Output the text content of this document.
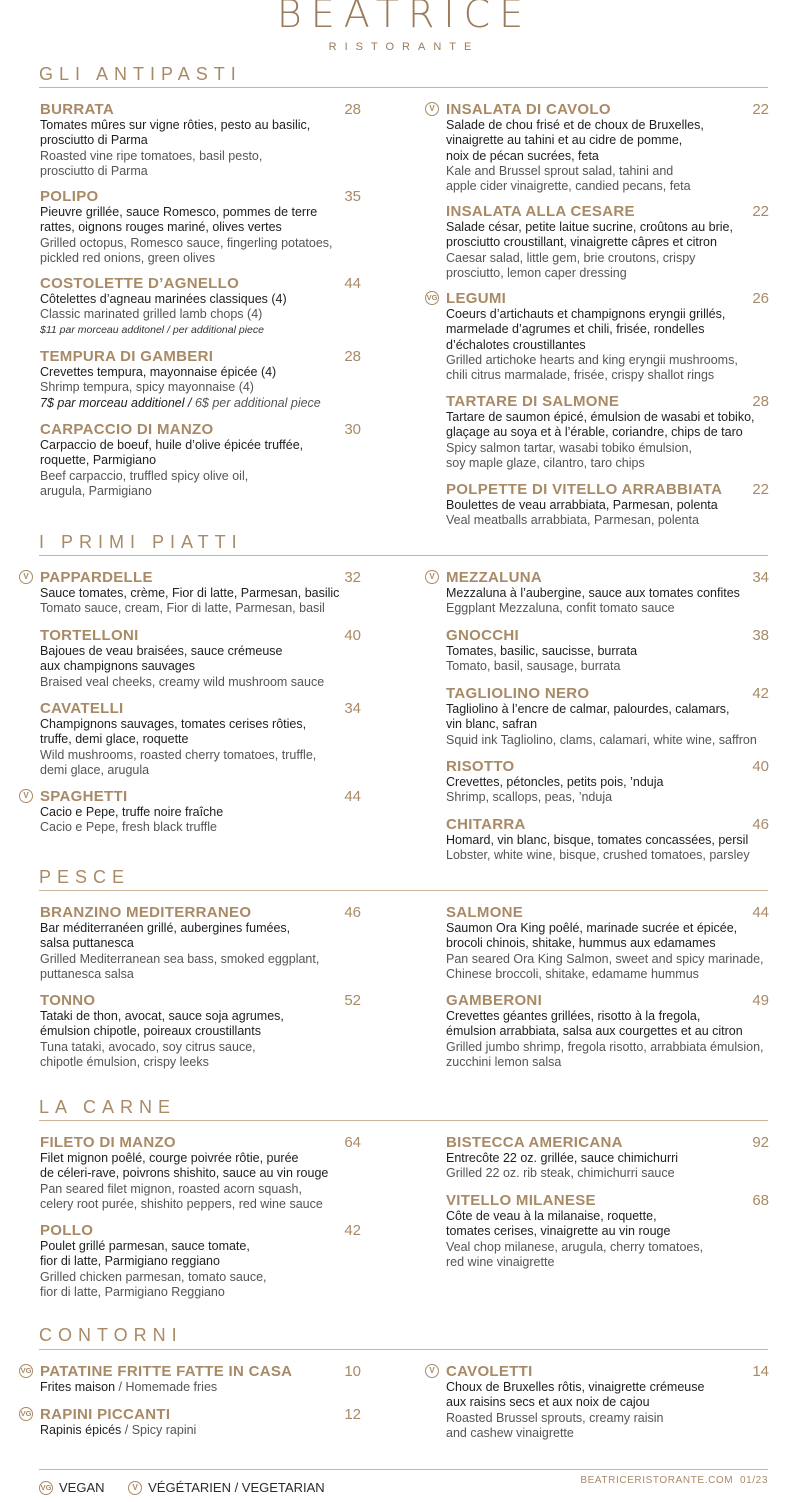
BEATRICE
RISTORANTE
GLI ANTIPASTI
BURRATA	28
Tomates mûres sur vigne rôties, pesto au basilic,
prosciutto di Parma
Roasted vine ripe tomatoes, basil pesto,
prosciutto di Parma
POLIPO	35
Pieuvre grillée, sauce Romesco, pommes de terre
rattes, oignons rouges mariné, olives vertes
Grilled octopus, Romesco sauce, fingerling potatoes,
pickled red onions, green olives
COSTOLETTE D’AGNELLO	44
Côtelettes d’agneau marinées classiques (4)
Classic marinated grilled lamb chops (4)
$11 par morceau additonel / per additional piece
TEMPURA DI GAMBERI	28
Crevettes tempura, mayonnaise épicée (4)
Shrimp tempura, spicy mayonnaise (4)
7$ par morceau additionel / 6$ per additional piece
CARPACCIO DI MANZO	30
Carpaccio de boeuf, huile d’olive épicée truffée,
roquette, Parmigiano
Beef carpaccio, truffled spicy olive oil,
arugula, Parmigiano
INSALATA DI CAVOLO	22
Salade de chou frisé et de choux de Bruxelles,
vinaigrette au tahini et au cidre de pomme,
noix de pécan sucrées, feta
Kale and Brussel sprout salad, tahini and
apple cider vinaigrette, candied pecans, feta
V
INSALATA ALLA CESARE	22
Salade césar, petite laitue sucrine, croûtons au brie,
prosciutto croustillant, vinaigrette câpres et citron
Caesar salad, little gem, brie croutons, crispy
prosciutto, lemon caper dressing
LEGUMI	26
Coeurs d’artichauts et champignons eryngii grillés,
marmelade d’agrumes et chili, frisée, rondelles
d’échalotes croustillantes
Grilled artichoke hearts and king eryngii mushrooms,
chili citrus marmalade, frisée, crispy shallot rings
VG
TARTARE DI SALMONE	28
Tartare de saumon épicé, émulsion de wasabi et tobiko,
glaçage au soya et à l’érable, coriandre, chips de taro
Spicy salmon tartar, wasabi tobiko émulsion,
soy maple glaze, cilantro, taro chips
POLPETTE DI VITELLO ARRABBIATA	22
Boulettes de veau arrabbiata, Parmesan, polenta
Veal meatballs arrabbiata, Parmesan, polenta
I PRIMI PIATTI
PAPPARDELLE	32
Sauce tomates, crème, Fior di latte, Parmesan, basilic
Tomato sauce, cream, Fior di latte, Parmesan, basil
V
TORTELLONI	40
Bajoues de veau braisées, sauce crémeuse
aux champignons sauvages
Braised veal cheeks, creamy wild mushroom sauce
CAVATELLI	34
Champignons sauvages, tomates cerises rôties,
truffe, demi glace, roquette
Wild mushrooms, roasted cherry tomatoes, truffle,
demi glace, arugula
SPAGHETTI	44
Cacio e Pepe, truffe noire fraîche
Cacio e Pepe, fresh black truffle
V
MEZZALUNA	34
Mezzaluna à l’aubergine, sauce aux tomates confites
Eggplant Mezzaluna, confit tomato sauce
V
GNOCCHI	38
Tomates, basilic, saucisse, burrata
Tomato, basil, sausage, burrata
TAGLIOLINO NERO	42
Tagliolino à l’encre de calmar, palourdes, calamars,
vin blanc, safran
Squid ink Tagliolino, clams, calamari, white wine, saffron
RISOTTO	40
Crevettes, pétoncles, petits pois, ’nduja
Shrimp, scallops, peas, ’nduja
CHITARRA	46
Homard, vin blanc, bisque, tomates concassées, persil
Lobster, white wine, bisque, crushed tomatoes, parsley
PESCE
BRANZINO MEDITERRANEO	46
Bar méditerranéen grillé, aubergines fumées,
salsa puttanesca
Grilled Mediterranean sea bass, smoked eggplant,
puttanesca salsa
TONNO	52
Tataki de thon, avocat, sauce soja agrumes,
émulsion chipotle, poireaux croustillants
Tuna tataki, avocado, soy citrus sauce,
chipotle émulsion, crispy leeks
SALMONE	44
Saumon Ora King poêlé, marinade sucrée et épicée,
brocoli chinois, shitake, hummus aux edamames
Pan seared Ora King Salmon, sweet and spicy marinade,
Chinese broccoli, shitake, edamame hummus
GAMBERONI	49
Crevettes géantes grillées, risotto à la fregola,
émulsion arrabbiata, salsa aux courgettes et au citron
Grilled jumbo shrimp, fregola risotto, arrabbiata émulsion,
zucchini lemon salsa
LA CARNE
FILETO DI MANZO	64
Filet mignon poêlé, courge poivrée rôtie, purée
de céleri-rave, poivrons shishito, sauce au vin rouge
Pan seared filet mignon, roasted acorn squash,
celery root purée, shishito peppers, red wine sauce
POLLO	42
Poulet grillé parmesan, sauce tomate,
fior di latte, Parmigiano reggiano
Grilled chicken parmesan, tomato sauce,
fior di latte, Parmigiano Reggiano
BISTECCA AMERICANA	92
Entrecôte 22 oz. grillée, sauce chimichurri
Grilled 22 oz. rib steak, chimichurri sauce
VITELLO MILANESE	68
Côte de veau à la milanaise, roquette,
tomates cerises, vinaigrette au vin rouge
Veal chop milanese, arugula, cherry tomatoes,
red wine vinaigrette
CONTORNI
PATATINE FRITTE FATTE IN CASA	10
Frites maison / Homemade fries
VG
RAPINI PICCANTI	12
Rapinis épicés / Spicy rapini
VG
CAVOLETTI	14
Choux de Bruxelles rôtis, vinaigrette crémeuse
aux raisins secs et aux noix de cajou
Roasted Brussel sprouts, creamy raisin
and cashew vinaigrette
V
VG VEGAN	V VÉGÉTARIEN / VEGETARIAN	BEATRICERISTORANTE.COM 01/23
